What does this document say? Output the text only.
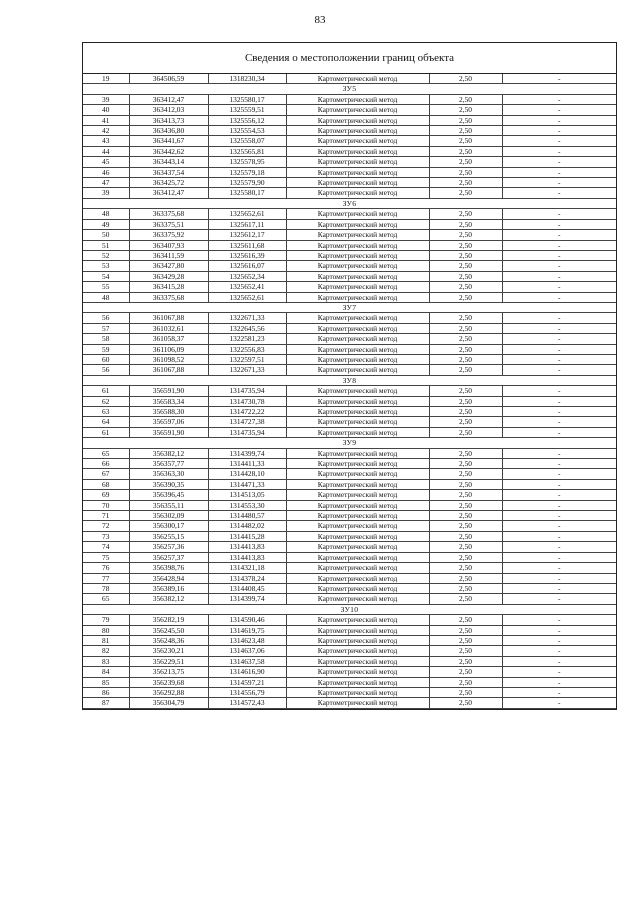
83
Сведения о местоположении границ объекта
19	364506,59	1318230,34	Картометрический метод	2,50	-
ЗУ5					
39	363412,47	1325580,17	Картометрический метод	2,50	-
40	363412,03	1325559,51	Картометрический метод	2,50	-
41	363413,73	1325556,12	Картометрический метод	2,50	-
42	363436,80	1325554,53	Картометрический метод	2,50	-
43	363441,67	1325558,07	Картометрический метод	2,50	-
44	363442,62	1325565,81	Картометрический метод	2,50	-
45	363443,14	1325578,95	Картометрический метод	2,50	-
46	363437,54	1325579,18	Картометрический метод	2,50	-
47	363425,72	1325579,90	Картометрический метод	2,50	-
39	363412,47	1325580,17	Картометрический метод	2,50	-
ЗУ6					
48	363375,68	1325652,61	Картометрический метод	2,50	-
49	363375,51	1325617,11	Картометрический метод	2,50	-
50	363375,92	1325612,17	Картометрический метод	2,50	-
51	363407,93	1325611,68	Картометрический метод	2,50	-
52	363411,59	1325616,39	Картометрический метод	2,50	-
53	363427,80	1325616,07	Картометрический метод	2,50	-
54	363429,28	1325652,34	Картометрический метод	2,50	-
55	363415,28	1325652,41	Картометрический метод	2,50	-
48	363375,68	1325652,61	Картометрический метод	2,50	-
ЗУ7					
56	361067,88	1322671,33	Картометрический метод	2,50	-
57	361032,61	1322645,56	Картометрический метод	2,50	-
58	361058,37	1322581,23	Картометрический метод	2,50	-
59	361106,09	1322556,83	Картометрический метод	2,50	-
60	361098,52	1322597,51	Картометрический метод	2,50	-
56	361067,88	1322671,33	Картометрический метод	2,50	-
ЗУ8					
61	356591,90	1314735,94	Картометрический метод	2,50	-
62	356583,34	1314730,78	Картометрический метод	2,50	-
63	356588,30	1314722,22	Картометрический метод	2,50	-
64	356597,06	1314727,38	Картометрический метод	2,50	-
61	356591,90	1314735,94	Картометрический метод	2,50	-
ЗУ9					
65	356382,12	1314399,74	Картометрический метод	2,50	-
66	356357,77	1314411,33	Картометрический метод	2,50	-
67	356363,30	1314428,10	Картометрический метод	2,50	-
68	356390,35	1314471,33	Картометрический метод	2,50	-
69	356396,45	1314513,05	Картометрический метод	2,50	-
70	356355,11	1314553,30	Картометрический метод	2,50	-
71	356302,09	1314480,57	Картометрический метод	2,50	-
72	356300,17	1314482,02	Картометрический метод	2,50	-
73	356255,15	1314415,28	Картометрический метод	2,50	-
74	356257,36	1314413,83	Картометрический метод	2,50	-
75	356257,37	1314413,83	Картометрический метод	2,50	-
76	356398,76	1314321,18	Картометрический метод	2,50	-
77	356428,94	1314378,24	Картометрический метод	2,50	-
78	356389,16	1314408,45	Картометрический метод	2,50	-
65	356382,12	1314399,74	Картометрический метод	2,50	-
ЗУ10					
79	356282,19	1314590,46	Картометрический метод	2,50	-
80	356245,50	1314619,75	Картометрический метод	2,50	-
81	356248,36	1314623,48	Картометрический метод	2,50	-
82	356230,21	1314637,06	Картометрический метод	2,50	-
83	356229,51	1314637,58	Картометрический метод	2,50	-
84	356213,75	1314616,90	Картометрический метод	2,50	-
85	356239,68	1314597,21	Картометрический метод	2,50	-
86	356292,88	1314556,79	Картометрический метод	2,50	-
87	356304,79	1314572,43	Картометрический метод	2,50	-
